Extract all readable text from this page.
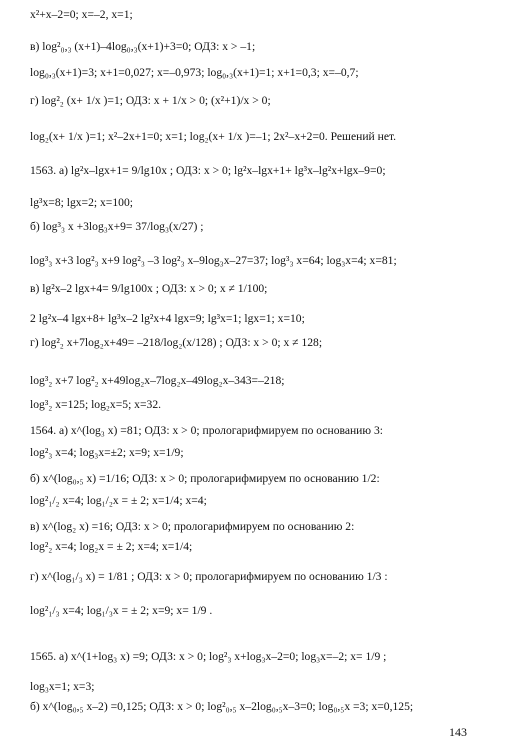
x²+x–2=0; x=–2, x=1;
в) log²₀,₃ (x+1)–4log₀,₃(x+1)+3=0; ОДЗ: x > –1;
log₀,₃(x+1)=3; x+1=0,027; x=–0,973; log₀,₃(x+1)=1; x+1=0,3; x=–0,7;
г) log²₂ (x+ 1/x )=1; ОДЗ: x + 1/x > 0; (x²+1)/x > 0;
log₂(x+ 1/x )=1; x²–2x+1=0; x=1; log₂(x+ 1/x )=–1; 2x²–x+2=0. Решений нет.
1563. а) lg²x–lgx+1= 9/lg10x ; ОДЗ: x > 0; lg²x–lgx+1+ lg³x–lg²x+lgx–9=0;
lg³x=8; lgx=2; x=100;
б) log³₃ x +3log₃x+9= 37/log₃(x/27) ;
log³₃ x+3 log²₃ x+9 log²₃ –3 log²₃ x–9log₃x–27=37; log³₃ x=64; log₃x=4; x=81;
в) lg²x–2 lgx+4= 9/lg100x ; ОДЗ: x > 0; x ≠ 1/100;
2 lg²x–4 lgx+8+ lg³x–2 lg²x+4 lgx=9; lg³x=1; lgx=1; x=10;
г) log²₂ x+7log₂x+49= –218/log₂(x/128) ; ОДЗ: x > 0; x ≠ 128;
log³₂ x+7 log²₂ x+49log₂x–7log₂x–49log₂x–343=–218;
log³₂ x=125; log₂x=5; x=32.
1564. а) x^(log₃ x) =81; ОДЗ: x > 0; прологарифмируем по основанию 3:
log²₃ x=4; log₃x=±2; x=9; x=1/9;
б) x^(log₀,₅ x) =1/16; ОДЗ: x > 0; прологарифмируем по основанию 1/2:
log²₁/₂ x=4; log₁/₂x = ± 2; x=1/4; x=4;
в) x^(log₂ x) =16; ОДЗ: x > 0; прологарифмируем по основанию 2:
log²₂ x=4; log₂x = ± 2; x=4; x=1/4;
г) x^(log₁/₃ x) = 1/81 ; ОДЗ: x > 0; прологарифмируем по основанию 1/3 :
log²₁/₃ x=4; log₁/₃x = ± 2; x=9; x= 1/9 .
1565. а) x^(1+log₃ x) =9; ОДЗ: x > 0; log²₃ x+log₃x–2=0; log₃x=–2; x= 1/9 ;
log₃x=1; x=3;
б) x^(log₀,₅ x–2) =0,125; ОДЗ: x > 0; log²₀,₅ x–2log₀,₅x–3=0; log₀,₅x =3; x=0,125;
143
